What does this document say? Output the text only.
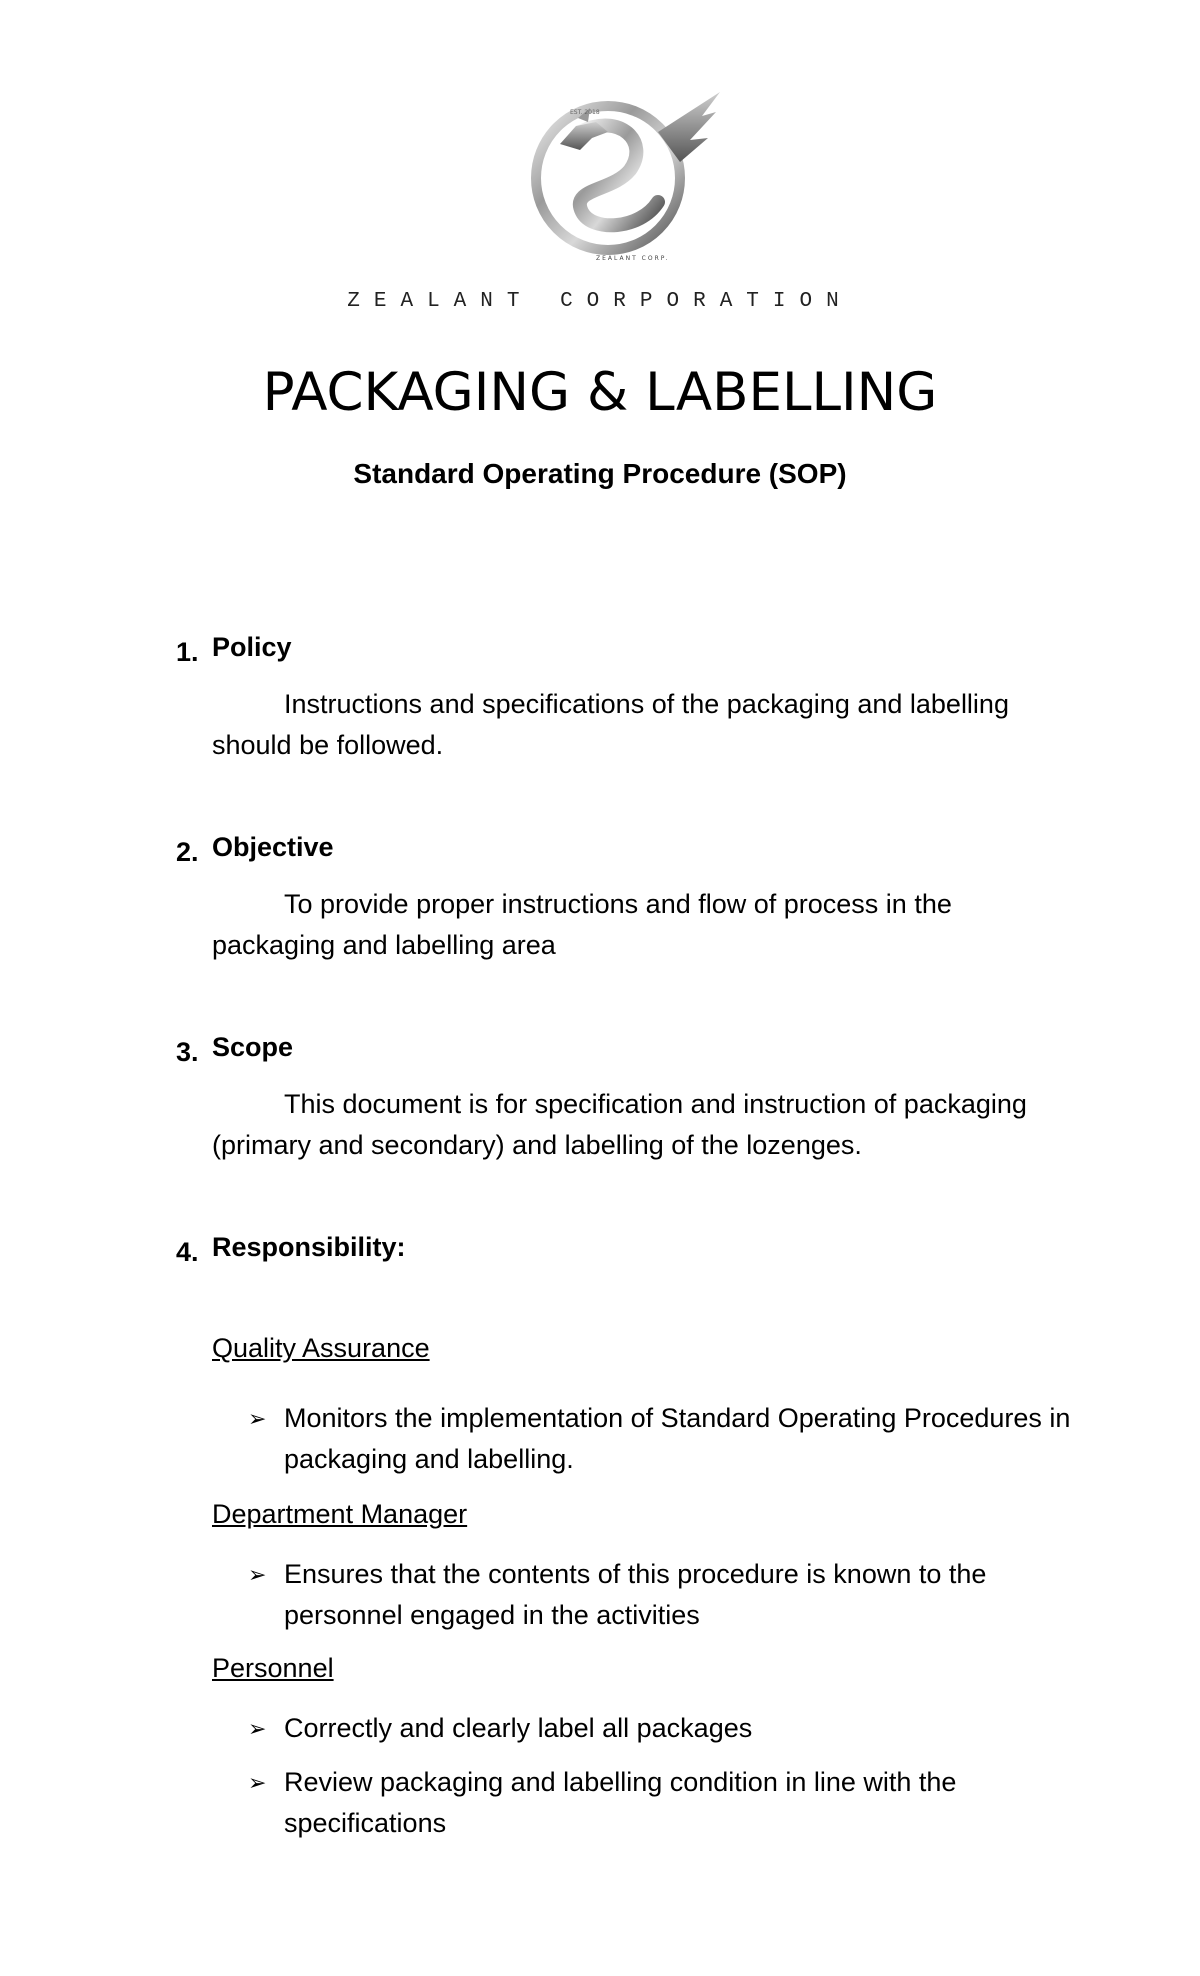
EST. 2018
ZEALANT CORP.
ZEALANT CORPORATION
PACKAGING & LABELLING
Standard Operating Procedure (SOP)
1. Policy
Instructions and specifications of the packaging and labelling should be followed.
2. Objective
To provide proper instructions and flow of process in the packaging and labelling area
3. Scope
This document is for specification and instruction of packaging (primary and secondary) and labelling of the lozenges.
4. Responsibility:
Quality Assurance
➢ Monitors the implementation of Standard Operating Procedures in packaging and labelling.
Department Manager
➢ Ensures that the contents of this procedure is known to the personnel engaged in the activities
Personnel
➢ Correctly and clearly label all packages
➢ Review packaging and labelling condition in line with the specifications
